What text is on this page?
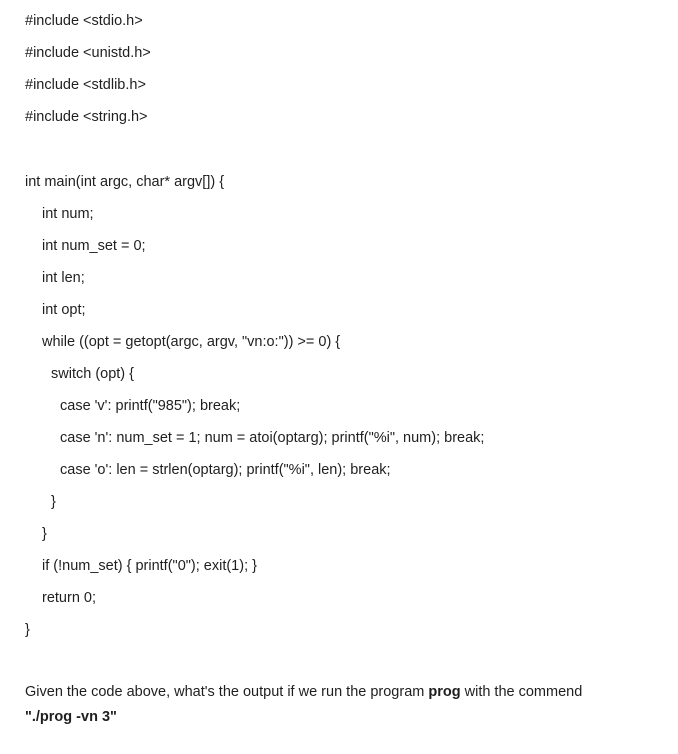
#include <stdio.h>
#include <unistd.h>
#include <stdlib.h>
#include <string.h>
int main(int argc, char* argv[]) {
int num;
int num_set = 0;
int len;
int opt;
while ((opt = getopt(argc, argv, "vn:o:")) >= 0) {
switch (opt) {
case 'v': printf("985"); break;
case 'n': num_set = 1; num = atoi(optarg); printf("%i", num); break;
case 'o': len = strlen(optarg); printf("%i", len); break;
}
}
if (!num_set) { printf("0"); exit(1); }
return 0;
}
Given the code above, what's the output if we run the program prog with the commend
"./prog -vn 3"
